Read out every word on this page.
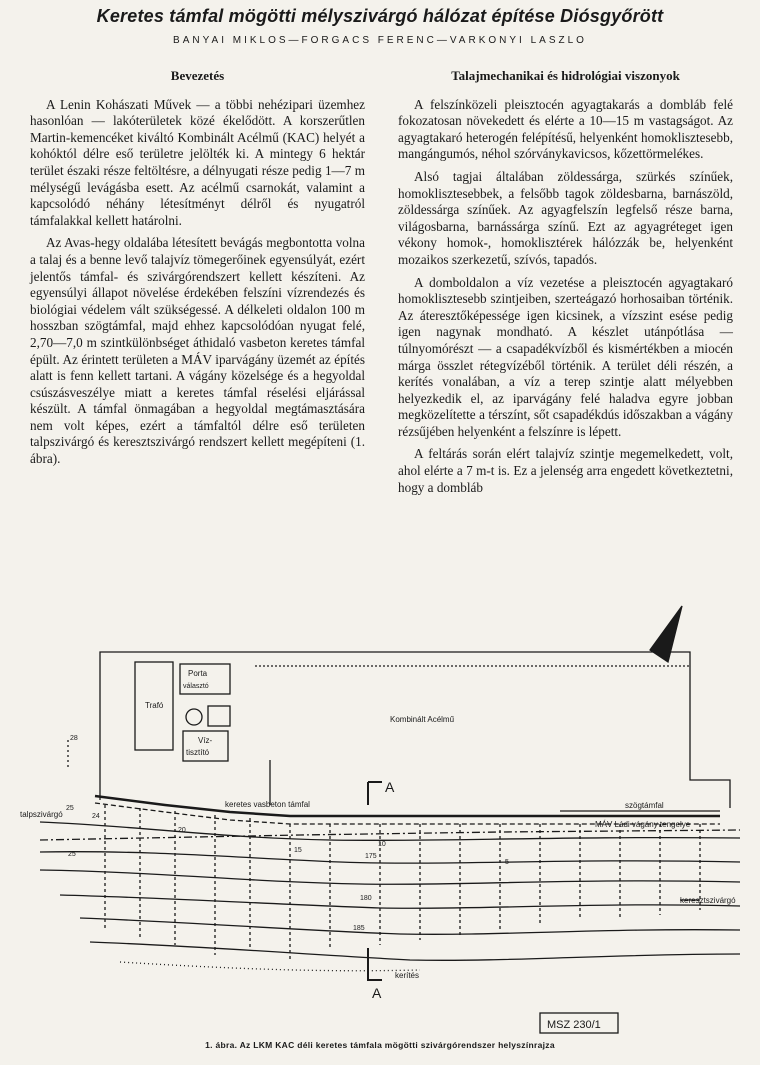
Keretes támfal mögötti mélyszivárgó hálózat építése Diósgyőrött
BANYAI MIKLOS—FORGACS FERENC—VARKONYI LASZLO
Bevezetés

A Lenin Kohászati Művek — a többi nehézipari üzemhez hasonlóan — lakóterületek közé ékelődött. A korszerűtlen Martin-kemencéket kiváltó Kombinált Acélmű (KAC) helyét a kohóktól délre eső területre jelölték ki. A mintegy 6 hektár terület északi része feltöltésre, a délnyugati része pedig 1—7 m mélységű levágásba esett. Az acélmű csarnokát, valamint a kapcsolódó néhány létesítményt délről és nyugatról támfalakkal kellett határolni.

Az Avas-hegy oldalába létesített bevágás megbontotta volna a talaj és a benne levő talajvíz tömegerőinek egyensúlyát, ezért jelentős támfal- és szivárgórendszert kellett készíteni. Az egyensúlyi állapot növelése érdekében felszíni vízrendezés és biológiai védelem vált szükségessé. A délkeleti oldalon 100 m hosszban szögtámfal, majd ehhez kapcsolódóan nyugat felé, 2,70—7,0 m szintkülönbséget áthidaló vasbeton keretes támfal épült. Az érintett területen a MÁV iparvágány üzemét az építés alatt is fenn kellett tartani. A vágány közelsége és a hegyoldal csúszásveszélye miatt a keretes támfal réselési eljárással készült. A támfal önmagában a hegyoldal megtámasztására nem volt képes, ezért a támfaltól délre eső területen talpszivárgó és keresztszivárgó rendszert kellett megépíteni (1. ábra).

Talajmechanikai és hidrológiai viszonyok

A felszínközeli pleisztocén agyagtakarás a dombláb felé fokozatosan növekedett és elérte a 10—15 m vastagságot. Az agyagtakaró heterogén felépítésű, helyenként homoklisztesebb, mangángumós, néhol szórványkavicsos, kőzettörmelékes.

Alsó tagjai általában zöldessárga, szürkés színűek, homoklisztesebbek, a felsőbb tagok zöldesbarna, barnászöld, zöldessárga színűek. Az agyagfelszín legfelső része barna, világosbarna, barnássárga színű. Ezt az agyagréteget igen vékony homok-, homoklisztérek hálózzák be, helyenként mozaikos szerkezetű, szívós, tapadós.

A domboldalon a víz vezetése a pleisztocén agyagtakaró homoklisztesebb szintjeiben, szerteágazó horhosaiban történik. Az áteresztőképessége igen kicsinek, a vízszint esése pedig igen nagynak mondható. A készlet utánpótlása — túlnyomórészt — a csapadékvízből és kismértékben a miocén márga összlet rétegvízéből történik. A terület déli részén, a kerítés vonalában, a víz a terep szintje alatt mélyebben helyezkedik el, az iparvágány felé haladva egyre jobban megközelítette a térszínt, sőt csapadékdús időszakban a vágány rézsűjében helyenként a felszínre is lépett.

A feltárás során elért talajvíz szintje megemelkedett, volt, ahol elérte a 7 m-t is. Ez a jelenség arra engedett következtetni, hogy a dombláb

Trafó
Porta
választó
Víz-
tisztító
Kombinált Acélmű
keretes vasbeton támfal
talpszivárgó
szögtámfal
MÁV Ládi vágány tengelye
keresztszivárgó
kerítés
A
A
MSZ 230/1
28
25
24
25
20
15
175
10
5
180
185
1. ábra. Az LKM KAC déli keretes támfala mögötti szivárgórendszer helyszínrajza
